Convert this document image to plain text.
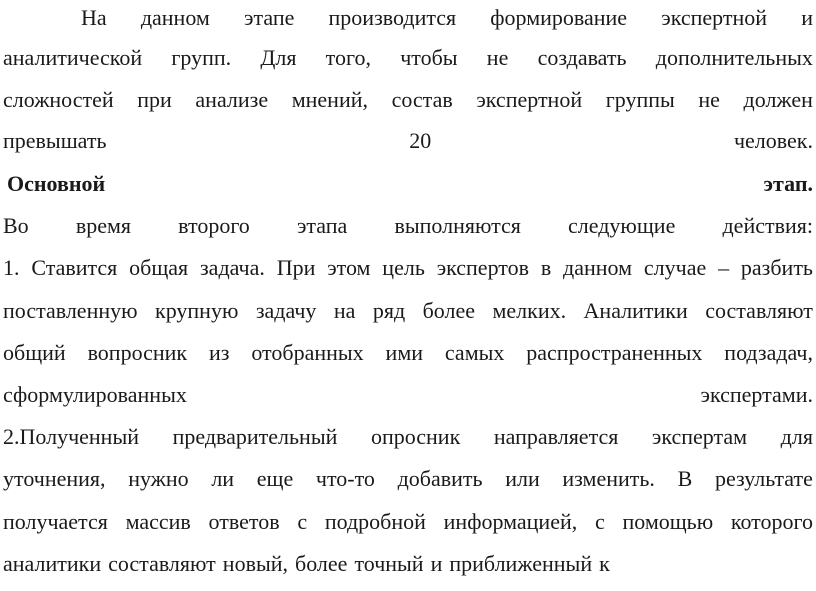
На данном этапе производится формирование экспертной и
аналитической групп. Для того, чтобы не создавать дополнительных
сложностей при анализе мнений, состав экспертной группы не должен
превышать	20	человек.
Основной	этап.
Во время второго этапа выполняются следующие действия:
1. Ставится общая задача. При этом цель экспертов в данном случае – разбить
поставленную крупную задачу на ряд более мелких. Аналитики составляют
общий вопросник из отобранных ими самых распространенных подзадач,
сформулированных	экспертами.
2.Полученный предварительный опросник направляется экспертам для
уточнения, нужно ли еще что-то добавить или изменить. В результате
получается массив ответов с подробной информацией, с помощью которого
аналитики составляют новый, более точный и приближенный к
